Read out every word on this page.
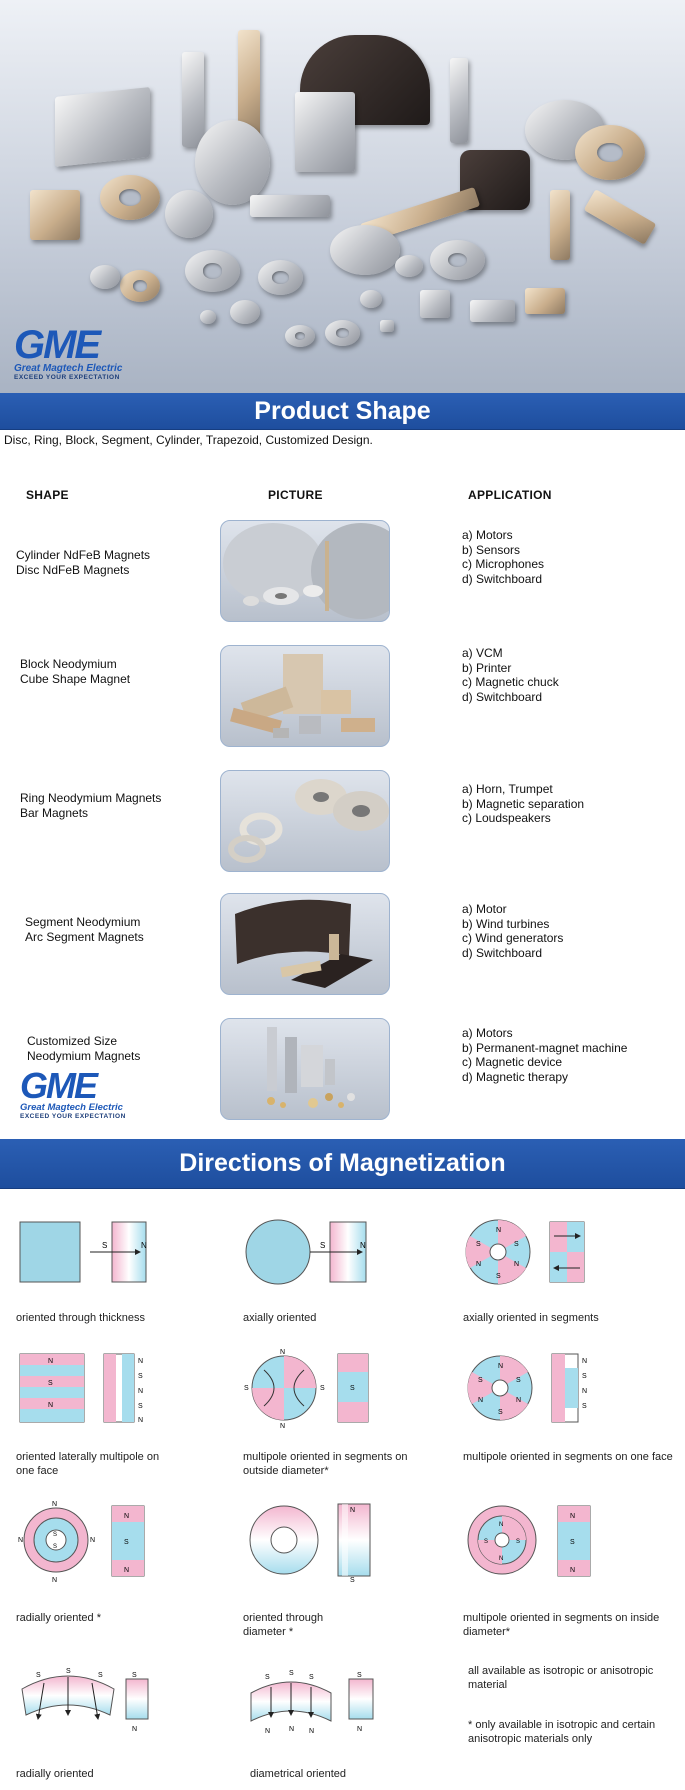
GME
Great Magtech Electric
EXCEED YOUR EXPECTATION
Product Shape
Disc, Ring, Block, Segment, Cylinder, Trapezoid, Customized Design.
SHAPE	PICTURE	APPLICATION
Cylinder NdFeB Magnets
Disc NdFeB Magnets
a) Motors
b) Sensors
c) Microphones
d) Switchboard
Block Neodymium
Cube Shape Magnet
a) VCM
b) Printer
c) Magnetic chuck
d) Switchboard
Ring Neodymium Magnets
Bar Magnets
a) Horn, Trumpet
b) Magnetic separation
c) Loudspeakers
Segment Neodymium
Arc Segment Magnets
a) Motor
b) Wind turbines
c) Wind generators
d) Switchboard
Customized Size
Neodymium Magnets
a) Motors
b) Permanent-magnet machine
c) Magnetic device
d) Magnetic therapy
GME
Great Magtech Electric
EXCEED YOUR EXPECTATION
Directions of Magnetization
S	N
oriented through thickness
S	N
axially oriented
N
S
N
S
N
S
axially oriented in segments
N
S
N
N
S
N
S
N
oriented laterally multipole on one face
N
N
S	S	S
multipole oriented in segments on outside diameter*
N
S
N
S
N
S
N
S
N
S
multipole oriented in segments on one face
N
N	N
N
S
S
N
S
N
radially oriented *
N
S
oriented through diameter *
N
N
S	S
N
S
N
multipole oriented in segments on inside diameter*
S
S
S	S
N
radially oriented
S
S
S
N	N N
S
N
diametrical oriented
all available as isotropic or anisotropic material
* only available in isotropic and certain anisotropic materials only
